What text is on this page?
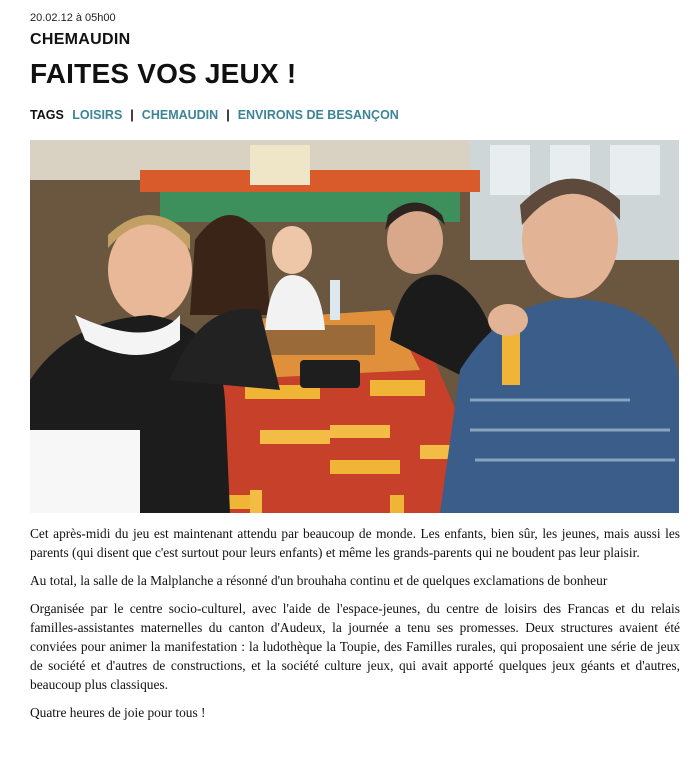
20.02.12 à 05h00
CHEMAUDIN
FAITES VOS JEUX !
TAGS LOISIRS | CHEMAUDIN | ENVIRONS DE BESANÇON

Cet après-midi du jeu est maintenant attendu par beaucoup de monde. Les enfants, bien sûr, les jeunes, mais aussi les parents (qui disent que c'est surtout pour leurs enfants) et même les grands-parents qui ne boudent pas leur plaisir.

Au total, la salle de la Malplanche a résonné d'un brouhaha continu et de quelques exclamations de bonheur

Organisée par le centre socio-culturel, avec l'aide de l'espace-jeunes, du centre de loisirs des Francas et du relais familles-assistantes maternelles du canton d'Audeux, la journée a tenu ses promesses. Deux structures avaient été conviées pour animer la manifestation : la ludothèque la Toupie, des Familles rurales, qui proposaient une série de jeux de société et d'autres de constructions, et la société culture jeux, qui avait apporté quelques jeux géants et d'autres, beaucoup plus classiques.

Quatre heures de joie pour tous !
